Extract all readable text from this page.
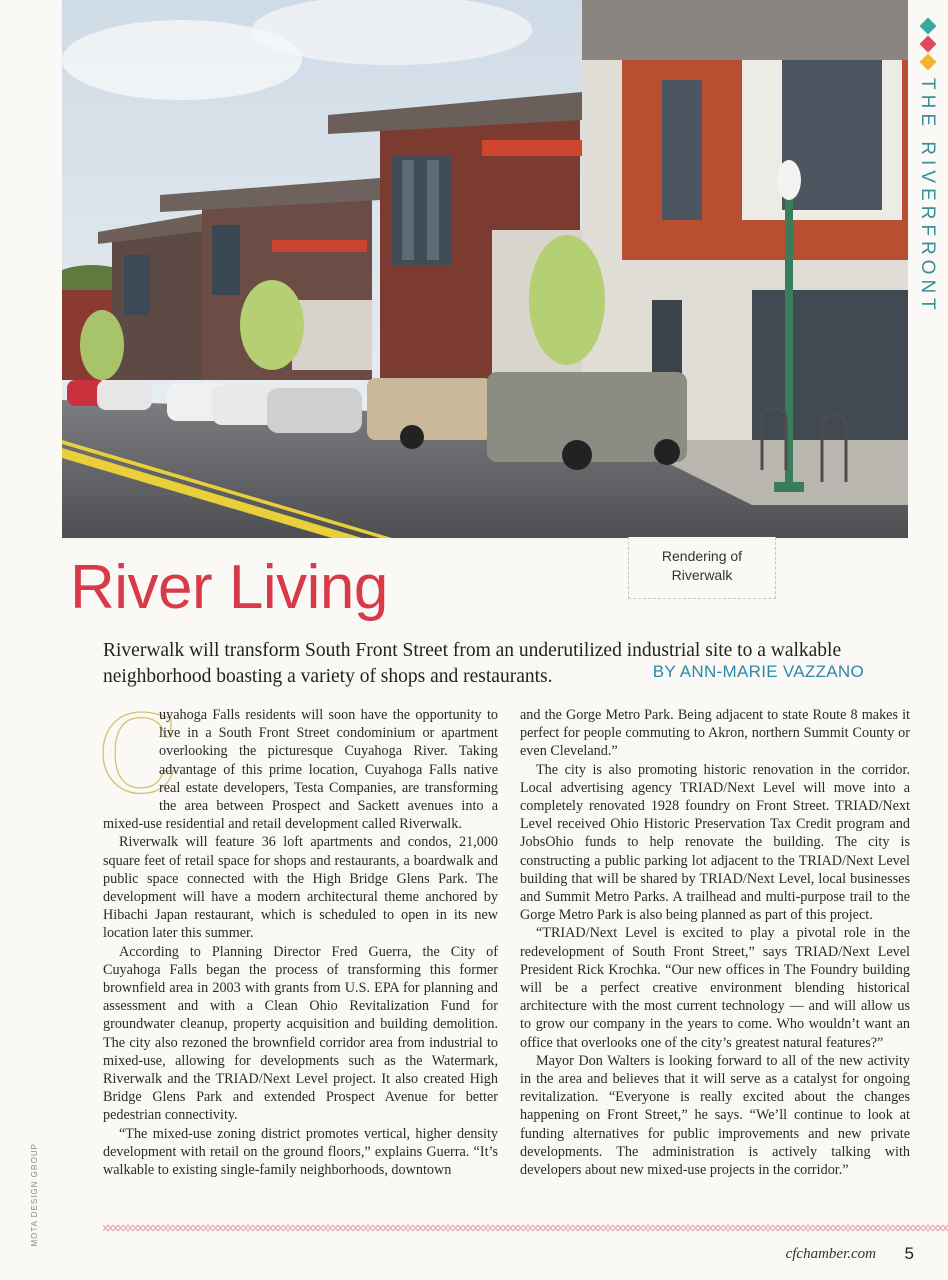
THE RIVERFRONT
Rendering of
Riverwalk
River Living

Riverwalk will transform South Front Street from an underutilized industrial site to a walkable neighborhood boasting a variety of shops and restaurants.	BY ANN-MARIE VAZZANO

C
uyahoga Falls residents will soon have the opportunity to live in a South Front Street condominium or apartment overlooking the picturesque Cuyahoga River. Taking advantage of this prime location, Cuyahoga Falls native real estate developers, Testa Companies, are transforming the area between Prospect and Sackett avenues into a mixed-use residential and retail development called Riverwalk.

Riverwalk will feature 36 loft apartments and condos, 21,000 square feet of retail space for shops and restaurants, a boardwalk and public space connected with the High Bridge Glens Park. The development will have a modern architectural theme anchored by Hibachi Japan restaurant, which is scheduled to open in its new location later this summer.

According to Planning Director Fred Guerra, the City of Cuyahoga Falls began the process of transforming this former brownfield area in 2003 with grants from U.S. EPA for planning and assessment and with a Clean Ohio Revitalization Fund for groundwater cleanup, property acquisition and building demolition. The city also rezoned the brownfield corridor area from industrial to mixed-use, allowing for developments such as the Watermark, Riverwalk and the TRIAD/Next Level project. It also created High Bridge Glens Park and extended Prospect Avenue for better pedestrian connectivity.

“The mixed-use zoning district promotes vertical, higher density development with retail on the ground floors,” explains Guerra. “It’s walkable to existing single-family neighborhoods, downtown

and the Gorge Metro Park. Being adjacent to state Route 8 makes it perfect for people commuting to Akron, northern Summit County or even Cleveland.”

The city is also promoting historic renovation in the corridor. Local advertising agency TRIAD/Next Level will move into a completely renovated 1928 foundry on Front Street. TRIAD/Next Level received Ohio Historic Preservation Tax Credit program and JobsOhio funds to help renovate the building. The city is constructing a public parking lot adjacent to the TRIAD/Next Level building that will be shared by TRIAD/Next Level, local businesses and Summit Metro Parks. A trailhead and multi-purpose trail to the Gorge Metro Park is also being planned as part of this project.

“TRIAD/Next Level is excited to play a pivotal role in the redevelopment of South Front Street,” says TRIAD/Next Level President Rick Krochka. “Our new offices in The Foundry building will be a perfect creative environment blending historical architecture with the most current technology — and will allow us to grow our company in the years to come. Who wouldn’t want an office that overlooks one of the city’s greatest natural features?”

Mayor Don Walters is looking forward to all of the new activity in the area and believes that it will serve as a catalyst for ongoing revitalization. “Everyone is really excited about the changes happening on Front Street,” he says. “We’ll continue to look at funding alternatives for public improvements and new private developments. The administration is actively talking with developers about new mixed-use projects in the corridor.”

MOTA DESIGN GROUP
cfchamber.com 5
